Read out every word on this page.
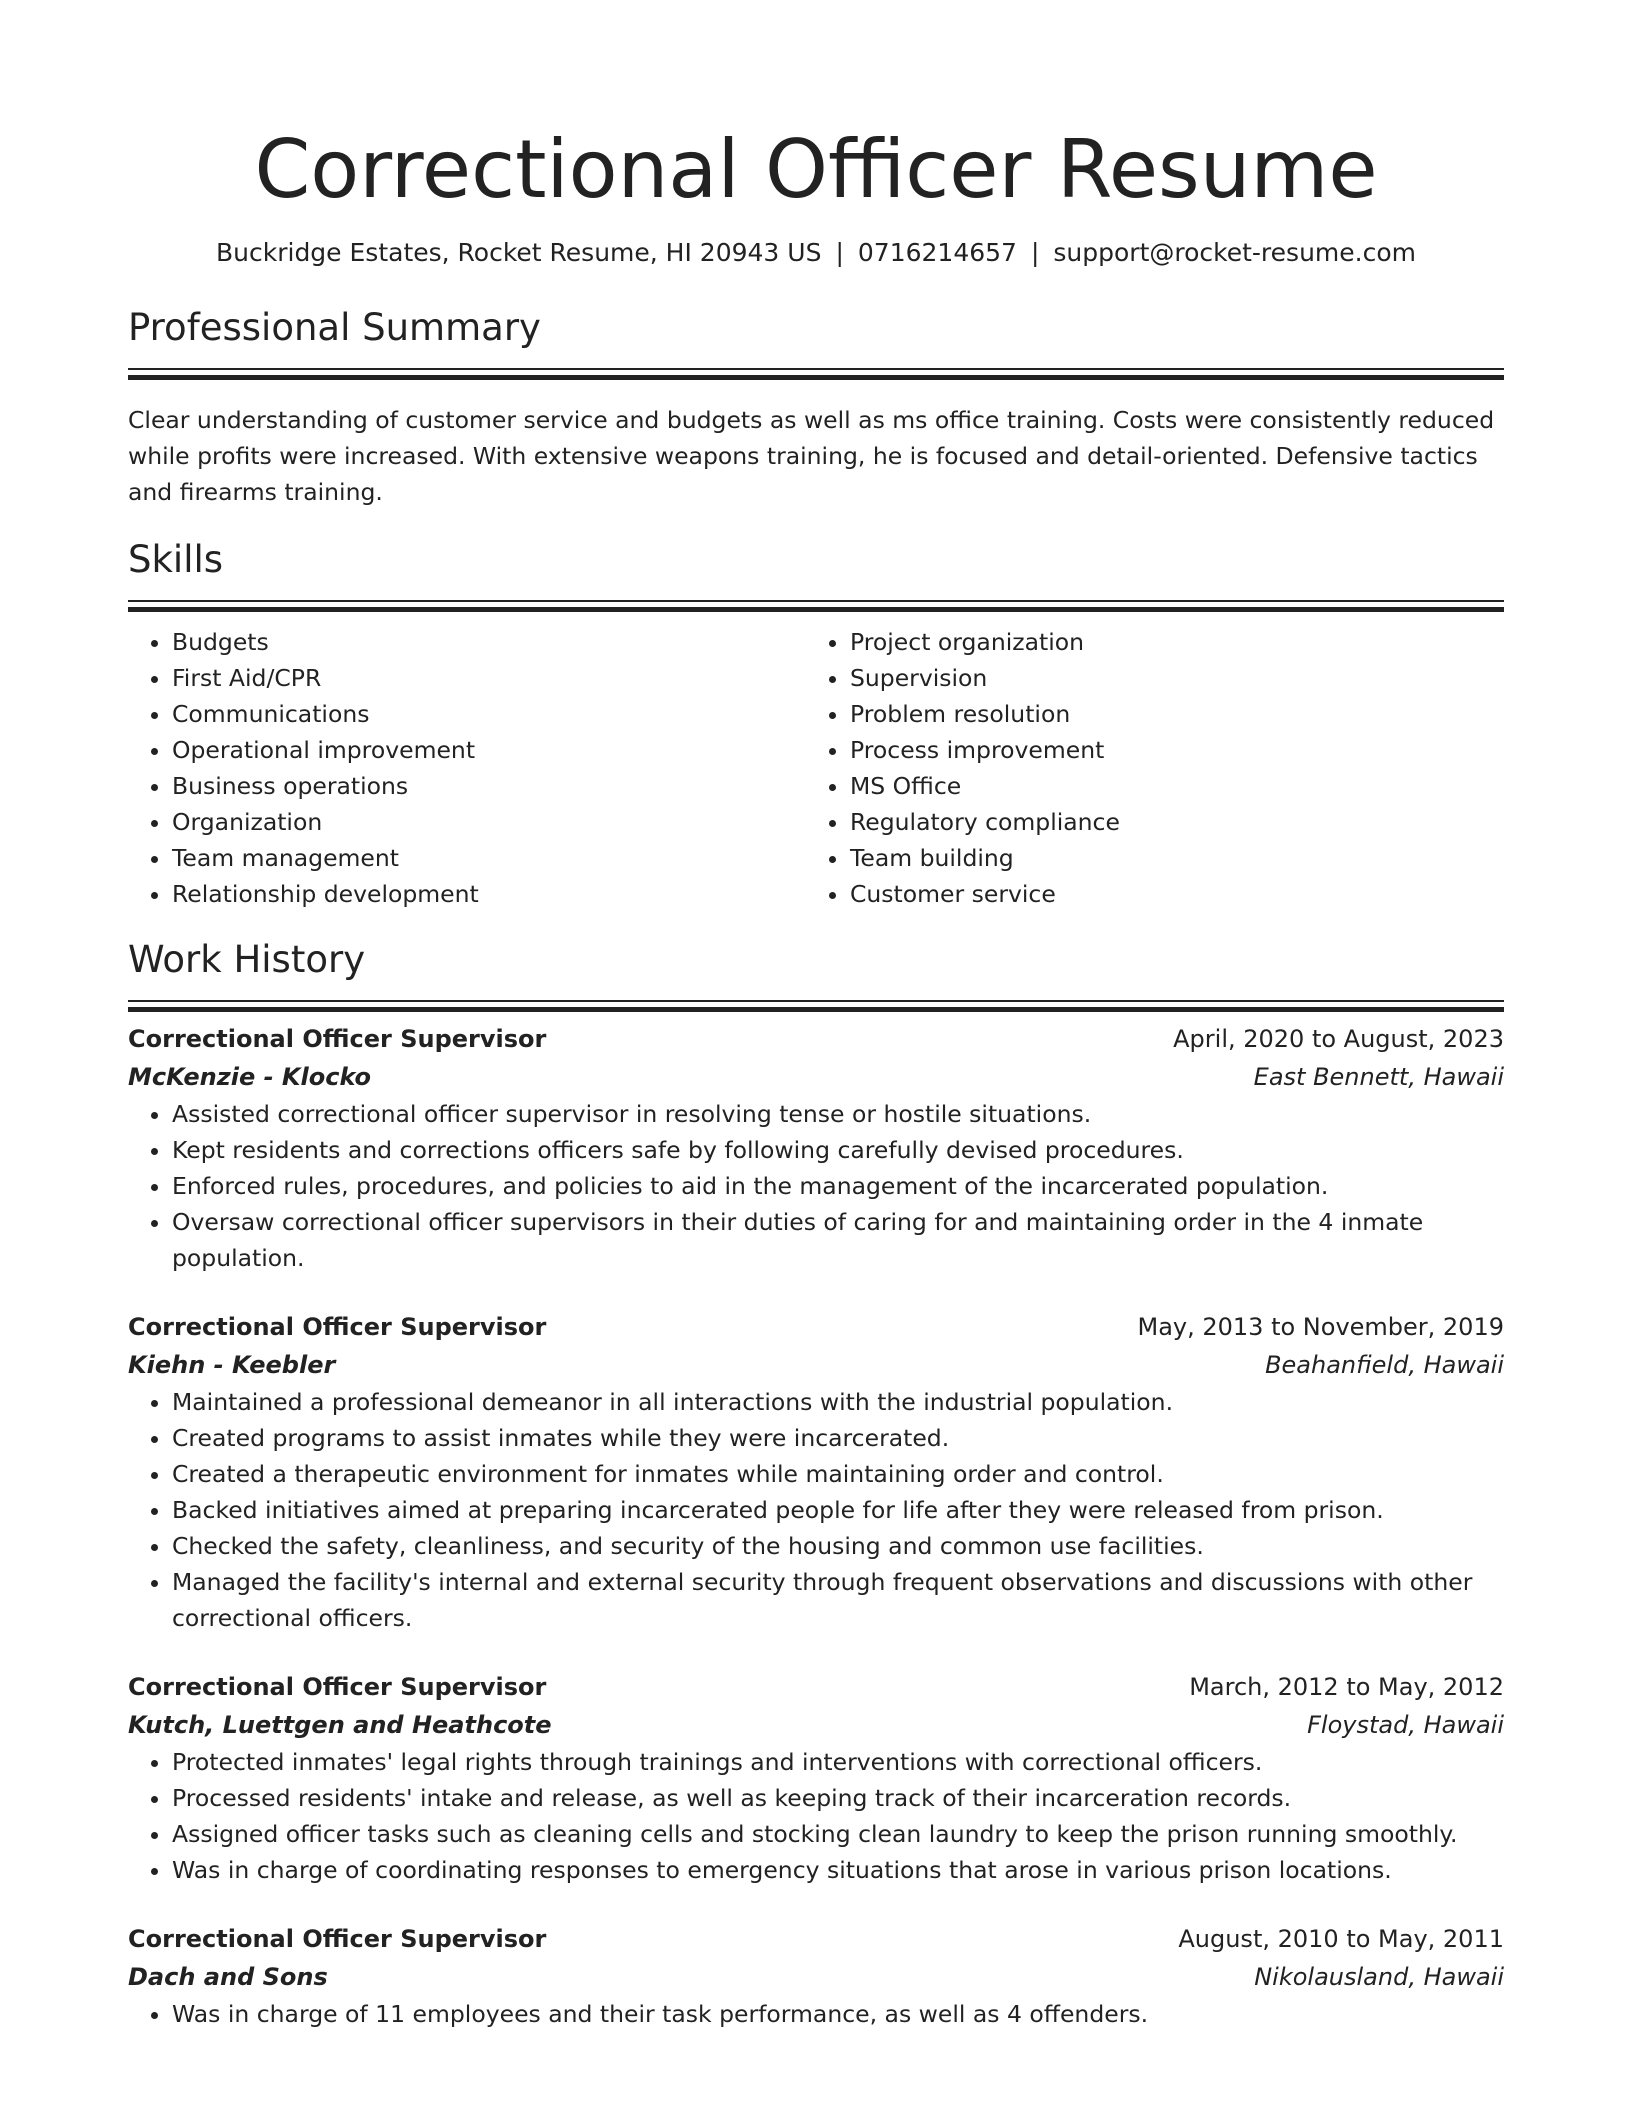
Correctional Officer Resume
Buckridge Estates, Rocket Resume, HI 20943 US | 0716214657 | support@rocket-resume.com
Professional Summary
Clear understanding of customer service and budgets as well as ms office training. Costs were consistently reduced while profits were increased. With extensive weapons training, he is focused and detail-oriented. Defensive tactics and firearms training.
Skills
• Budgets
• First Aid/CPR
• Communications
• Operational improvement
• Business operations
• Organization
• Team management
• Relationship development
• Project organization
• Supervision
• Problem resolution
• Process improvement
• MS Office
• Regulatory compliance
• Team building
• Customer service
Work History
Correctional Officer Supervisor	April, 2020 to August, 2023
McKenzie - Klocko	East Bennett, Hawaii
• Assisted correctional officer supervisor in resolving tense or hostile situations.
• Kept residents and corrections officers safe by following carefully devised procedures.
• Enforced rules, procedures, and policies to aid in the management of the incarcerated population.
• Oversaw correctional officer supervisors in their duties of caring for and maintaining order in the 4 inmate population.
Correctional Officer Supervisor	May, 2013 to November, 2019
Kiehn - Keebler	Beahanfield, Hawaii
• Maintained a professional demeanor in all interactions with the industrial population.
• Created programs to assist inmates while they were incarcerated.
• Created a therapeutic environment for inmates while maintaining order and control.
• Backed initiatives aimed at preparing incarcerated people for life after they were released from prison.
• Checked the safety, cleanliness, and security of the housing and common use facilities.
• Managed the facility's internal and external security through frequent observations and discussions with other correctional officers.
Correctional Officer Supervisor	March, 2012 to May, 2012
Kutch, Luettgen and Heathcote	Floystad, Hawaii
• Protected inmates' legal rights through trainings and interventions with correctional officers.
• Processed residents' intake and release, as well as keeping track of their incarceration records.
• Assigned officer tasks such as cleaning cells and stocking clean laundry to keep the prison running smoothly.
• Was in charge of coordinating responses to emergency situations that arose in various prison locations.
Correctional Officer Supervisor	August, 2010 to May, 2011
Dach and Sons	Nikolausland, Hawaii
• Was in charge of 11 employees and their task performance, as well as 4 offenders.
